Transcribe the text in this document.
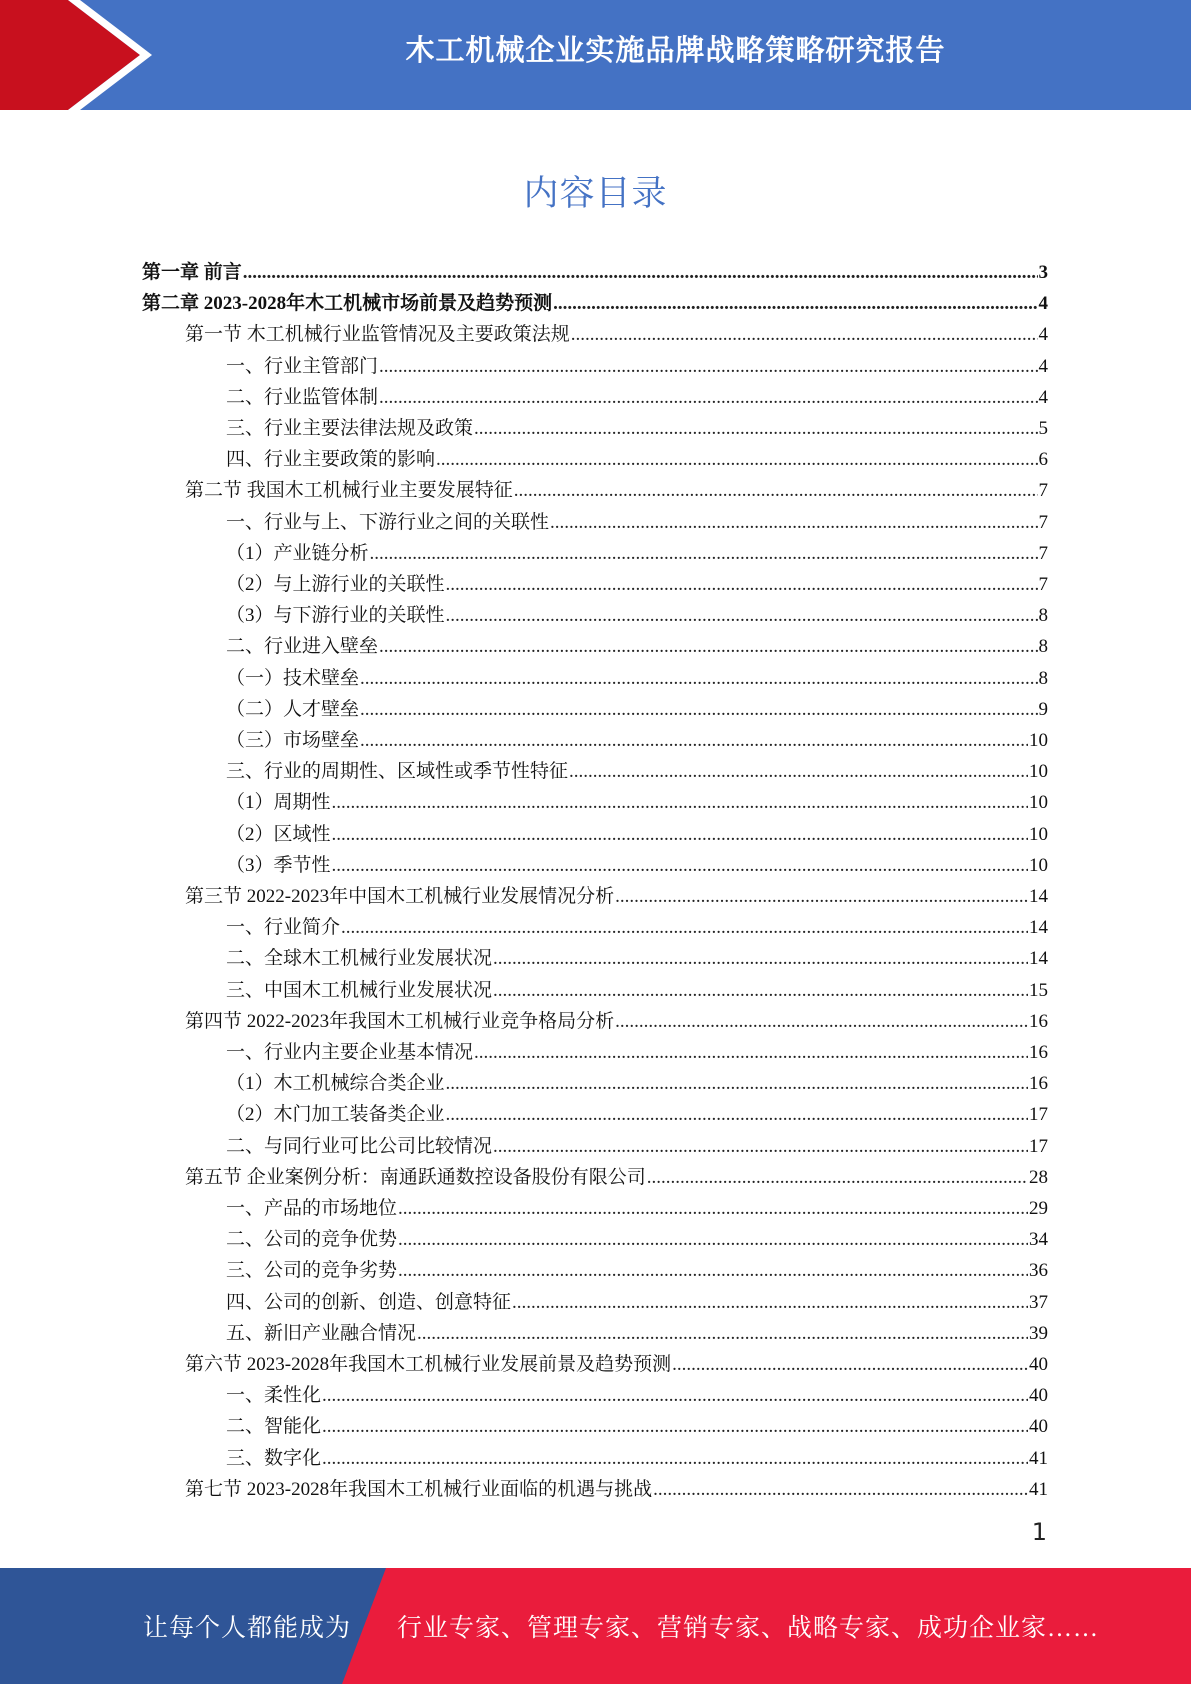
木工机械企业实施品牌战略策略研究报告
内容目录
第一章 前言 .....	3
第二章 2023-2028年木工机械市场前景及趋势预测 .....	4
第一节 木工机械行业监管情况及主要政策法规 .....	4
一、行业主管部门 .....	4
二、行业监管体制 .....	4
三、行业主要法律法规及政策 .....	5
四、行业主要政策的影响 .....	6
第二节 我国木工机械行业主要发展特征 .....	7
一、行业与上、下游行业之间的关联性 .....	7
（1）产业链分析 .....	7
（2）与上游行业的关联性 .....	7
（3）与下游行业的关联性 .....	8
二、行业进入壁垒 .....	8
（一）技术壁垒 .....	8
（二）人才壁垒 .....	9
（三）市场壁垒 .....	10
三、行业的周期性、区域性或季节性特征 .....	10
（1）周期性 .....	10
（2）区域性 .....	10
（3）季节性 .....	10
第三节 2022-2023年中国木工机械行业发展情况分析 .....	14
一、行业简介 .....	14
二、全球木工机械行业发展状况 .....	14
三、中国木工机械行业发展状况 .....	15
第四节 2022-2023年我国木工机械行业竞争格局分析 .....	16
一、行业内主要企业基本情况 .....	16
（1）木工机械综合类企业 .....	16
（2）木门加工装备类企业 .....	17
二、与同行业可比公司比较情况 .....	17
第五节 企业案例分析：南通跃通数控设备股份有限公司 .....	28
一、产品的市场地位 .....	29
二、公司的竞争优势 .....	34
三、公司的竞争劣势 .....	36
四、公司的创新、创造、创意特征 .....	37
五、新旧产业融合情况 .....	39
第六节 2023-2028年我国木工机械行业发展前景及趋势预测 .....	40
一、柔性化 .....	40
二、智能化 .....	40
三、数字化 .....	41
第七节 2023-2028年我国木工机械行业面临的机遇与挑战 .....	41
1
让每个人都能成为 行业专家、管理专家、营销专家、战略专家、成功企业家……
